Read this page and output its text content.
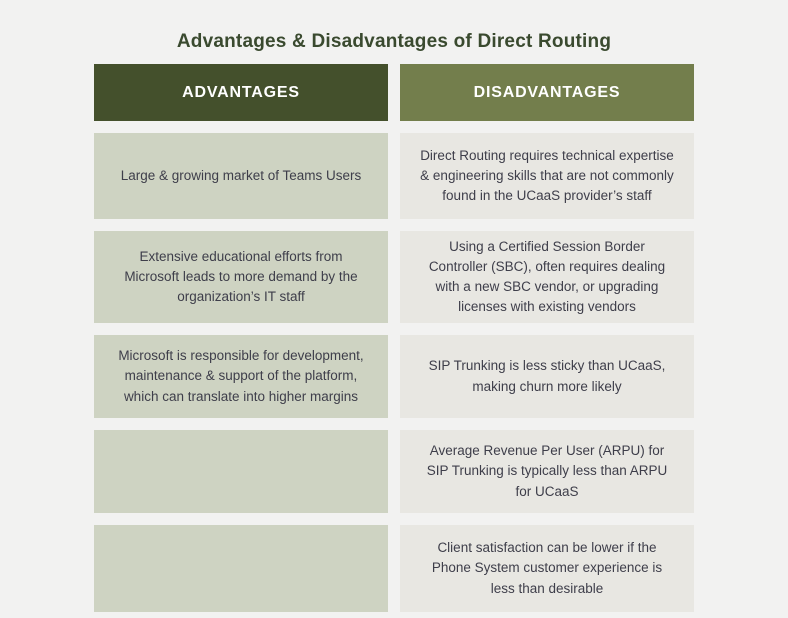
Advantages & Disadvantages of Direct Routing
ADVANTAGES	DISADVANTAGES
Large & growing market of Teams Users
Direct Routing requires technical expertise & engineering skills that are not commonly found in the UCaaS provider’s staff
Extensive educational efforts from Microsoft leads to more demand by the organization’s IT staff
Using a Certified Session Border Controller (SBC), often requires dealing with a new SBC vendor, or upgrading licenses with existing vendors
Microsoft is responsible for development, maintenance & support of the platform, which can translate into higher margins
SIP Trunking is less sticky than UCaaS, making churn more likely
Average Revenue Per User (ARPU) for SIP Trunking is typically less than ARPU for UCaaS
Client satisfaction can be lower if the Phone System customer experience is less than desirable
